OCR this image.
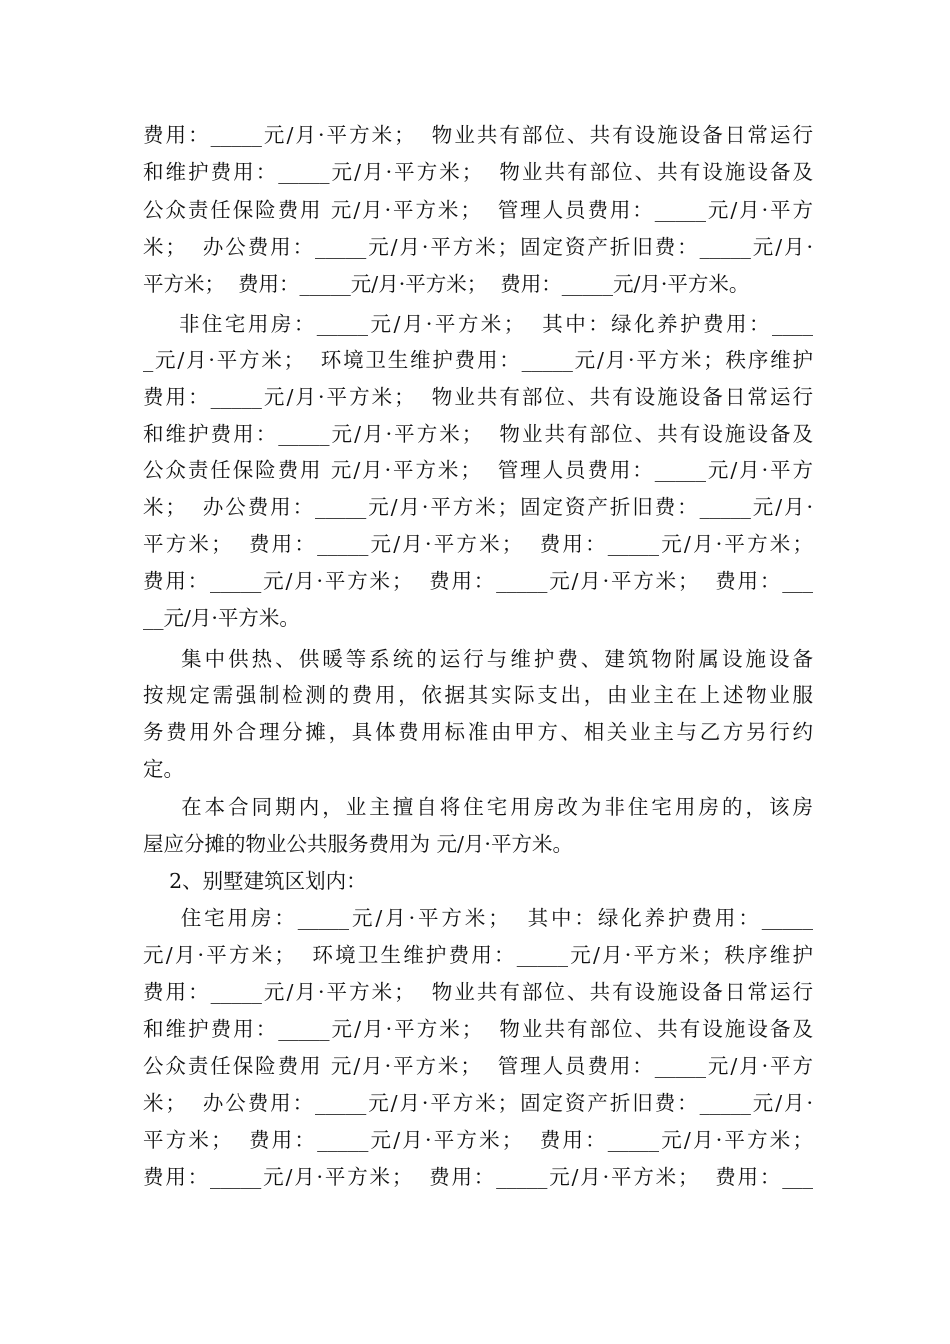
费用：_____元/月·平方米；  物业共有部位、共有设施设备日常运行

和维护费用：_____元/月·平方米；  物业共有部位、共有设施设备及

公众责任保险费用 元/月·平方米；  管理人员费用：_____元/月·平方

米；  办公费用：_____元/月·平方米；固定资产折旧费：_____元/月·

平方米；  费用：_____元/月·平方米；  费用：_____元/月·平方米。

非住宅用房：_____元/月·平方米；  其中：绿化养护费用：____

_元/月·平方米；  环境卫生维护费用：_____元/月·平方米；秩序维护

费用：_____元/月·平方米；  物业共有部位、共有设施设备日常运行

和维护费用：_____元/月·平方米；  物业共有部位、共有设施设备及

公众责任保险费用 元/月·平方米；  管理人员费用：_____元/月·平方

米；  办公费用：_____元/月·平方米；固定资产折旧费：_____元/月·

平方米；  费用：_____元/月·平方米；  费用：_____元/月·平方米；

费用：_____元/月·平方米；  费用：_____元/月·平方米；  费用：___

__元/月·平方米。

集中供热、供暖等系统的运行与维护费、建筑物附属设施设备

按规定需强制检测的费用，依据其实际支出，由业主在上述物业服

务费用外合理分摊，具体费用标准由甲方、相关业主与乙方另行约

定。

在本合同期内，业主擅自将住宅用房改为非住宅用房的，该房

屋应分摊的物业公共服务费用为 元/月·平方米。

2、别墅建筑区划内：

住宅用房：_____元/月·平方米；  其中：绿化养护费用：_____

元/月·平方米；  环境卫生维护费用：_____元/月·平方米；秩序维护

费用：_____元/月·平方米；  物业共有部位、共有设施设备日常运行

和维护费用：_____元/月·平方米；  物业共有部位、共有设施设备及

公众责任保险费用 元/月·平方米；  管理人员费用：_____元/月·平方

米；  办公费用：_____元/月·平方米；固定资产折旧费：_____元/月·

平方米；  费用：_____元/月·平方米；  费用：_____元/月·平方米；

费用：_____元/月·平方米；  费用：_____元/月·平方米；  费用：___
